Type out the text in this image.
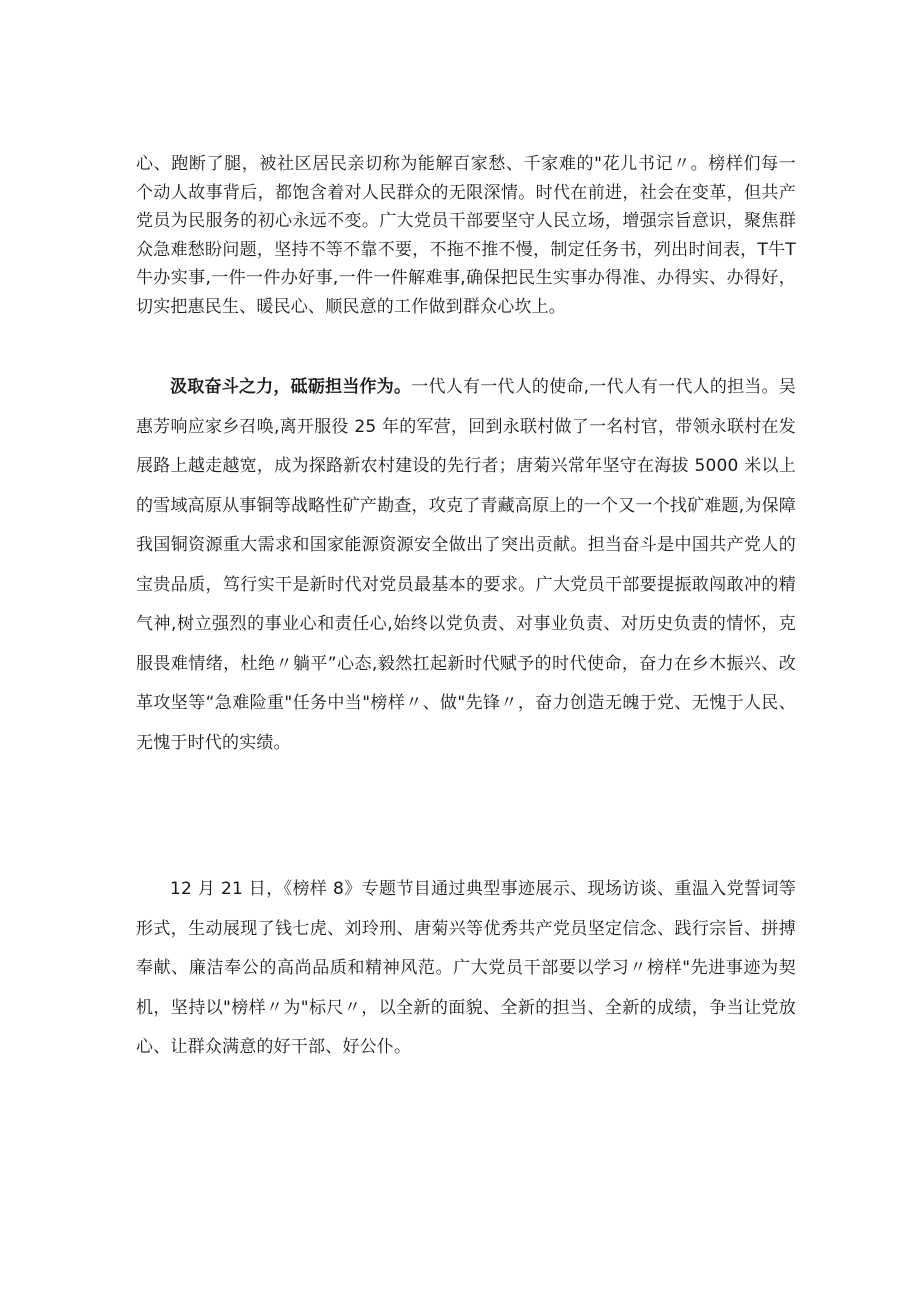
心、跑断了腿，被社区居民亲切称为能解百家愁、千家难的"花儿书记〃。榜样们每一个动人故事背后，都饱含着对人民群众的无限深情。时代在前进，社会在变革，但共产党员为民服务的初心永远不变。广大党员干部要坚守人民立场，增强宗旨意识，聚焦群众急难愁盼问题，坚持不等不靠不要，不拖不推不慢，制定任务书，列出时间表，T牛T牛办实事,一件一件办好事,一件一件解难事,确保把民生实事办得准、办得实、办得好，切实把惠民生、暖民心、顺民意的工作做到群众心坎上。

汲取奋斗之力，砥砺担当作为。一代人有一代人的使命,一代人有一代人的担当。吴惠芳响应家乡召唤,离开服役 25 年的军营，回到永联村做了一名村官，带领永联村在发展路上越走越宽，成为探路新农村建设的先行者；唐菊兴常年坚守在海拔 5000 米以上的雪域高原从事铜等战略性矿产勘查，攻克了青藏高原上的一个又一个找矿难题,为保障我国铜资源重大需求和国家能源资源安全做出了突出贡献。担当奋斗是中国共产党人的宝贵品质，笃行实干是新时代对党员最基本的要求。广大党员干部要提振敢闯敢冲的精气神,树立强烈的事业心和责任心,始终以党负责、对事业负责、对历史负责的情怀，克服畏难情绪，杜绝〃躺平”心态,毅然扛起新时代赋予的时代使命，奋力在乡木振兴、改革攻坚等“急难险重"任务中当"榜样〃、做"先锋〃，奋力创造无魄于党、无愧于人民、无愧于时代的实绩。

12 月 21 日，《榜样 8》专题节目通过典型事迹展示、现场访谈、重温入党誓词等形式，生动展现了钱七虎、刘玲刑、唐菊兴等优秀共产党员坚定信念、践行宗旨、拼搏奉献、廉洁奉公的高尚品质和精神风范。广大党员干部要以学习〃榜样"先进事迹为契机，坚持以"榜样〃为"标尺〃，以全新的面貌、全新的担当、全新的成绩，争当让党放心、让群众满意的好干部、好公仆。
